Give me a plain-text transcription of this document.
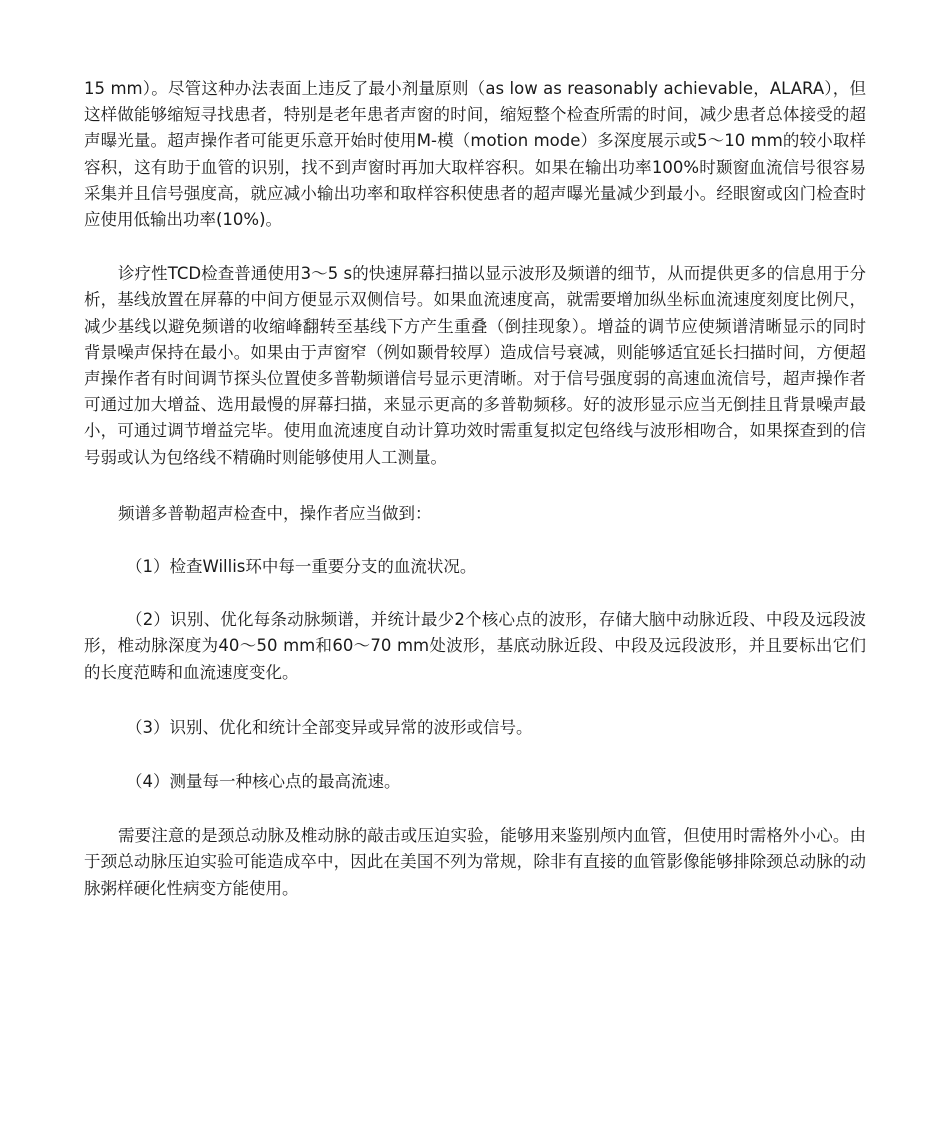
15 mm）。尽管这种办法表面上违反了最小剂量原则（as low as reasonably achievable，ALARA），但这样做能够缩短寻找患者，特别是老年患者声窗的时间，缩短整个检查所需的时间，减少患者总体接受的超声曝光量。超声操作者可能更乐意开始时使用M-模（motion mode）多深度展示或5～10 mm的较小取样容积，这有助于血管的识别，找不到声窗时再加大取样容积。如果在输出功率100%时颞窗血流信号很容易采集并且信号强度高，就应减小输出功率和取样容积使患者的超声曝光量减少到最小。经眼窗或囟门检查时应使用低输出功率(10%)。

诊疗性TCD检查普通使用3～5 s的快速屏幕扫描以显示波形及频谱的细节，从而提供更多的信息用于分析，基线放置在屏幕的中间方便显示双侧信号。如果血流速度高，就需要增加纵坐标血流速度刻度比例尺，减少基线以避免频谱的收缩峰翻转至基线下方产生重叠（倒挂现象）。增益的调节应使频谱清晰显示的同时背景噪声保持在最小。如果由于声窗窄（例如颞骨较厚）造成信号衰减，则能够适宜延长扫描时间，方便超声操作者有时间调节探头位置使多普勒频谱信号显示更清晰。对于信号强度弱的高速血流信号，超声操作者可通过加大增益、选用最慢的屏幕扫描，来显示更高的多普勒频移。好的波形显示应当无倒挂且背景噪声最小，可通过调节增益完毕。使用血流速度自动计算功效时需重复拟定包络线与波形相吻合，如果探查到的信号弱或认为包络线不精确时则能够使用人工测量。

频谱多普勒超声检查中，操作者应当做到：

（1）检查Willis环中每一重要分支的血流状况。

（2）识别、优化每条动脉频谱，并统计最少2个核心点的波形，存储大脑中动脉近段、中段及远段波形，椎动脉深度为40～50 mm和60～70 mm处波形，基底动脉近段、中段及远段波形，并且要标出它们的长度范畴和血流速度变化。

（3）识别、优化和统计全部变异或异常的波形或信号。

（4）测量每一种核心点的最高流速。

需要注意的是颈总动脉及椎动脉的敲击或压迫实验，能够用来鉴别颅内血管，但使用时需格外小心。由于颈总动脉压迫实验可能造成卒中，因此在美国不列为常规，除非有直接的血管影像能够排除颈总动脉的动脉粥样硬化性病变方能使用。
